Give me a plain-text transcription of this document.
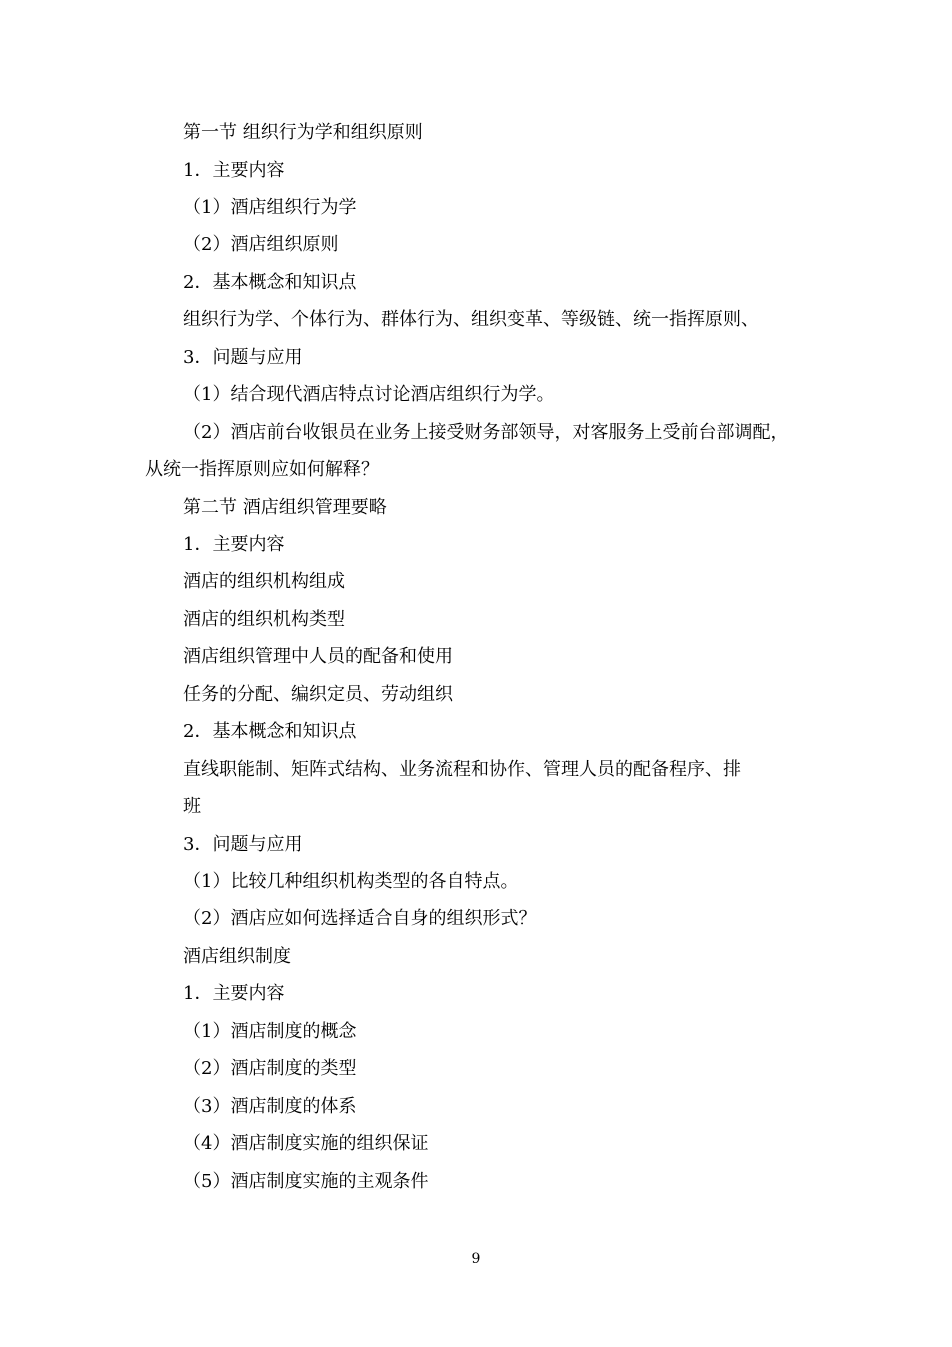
第一节 组织行为学和组织原则
1．主要内容
（1）酒店组织行为学
（2）酒店组织原则
2．基本概念和知识点
组织行为学、个体行为、群体行为、组织变革、等级链、统一指挥原则、
3．问题与应用
（1）结合现代酒店特点讨论酒店组织行为学。
（2）酒店前台收银员在业务上接受财务部领导，对客服务上受前台部调配，
从统一指挥原则应如何解释？
第二节 酒店组织管理要略
1．主要内容
酒店的组织机构组成
酒店的组织机构类型
酒店组织管理中人员的配备和使用
任务的分配、编织定员、劳动组织
2．基本概念和知识点
直线职能制、矩阵式结构、业务流程和协作、管理人员的配备程序、排
班
3．问题与应用
（1）比较几种组织机构类型的各自特点。
（2）酒店应如何选择适合自身的组织形式？
酒店组织制度
1．主要内容
（1）酒店制度的概念
（2）酒店制度的类型
（3）酒店制度的体系
（4）酒店制度实施的组织保证
（5）酒店制度实施的主观条件
9
